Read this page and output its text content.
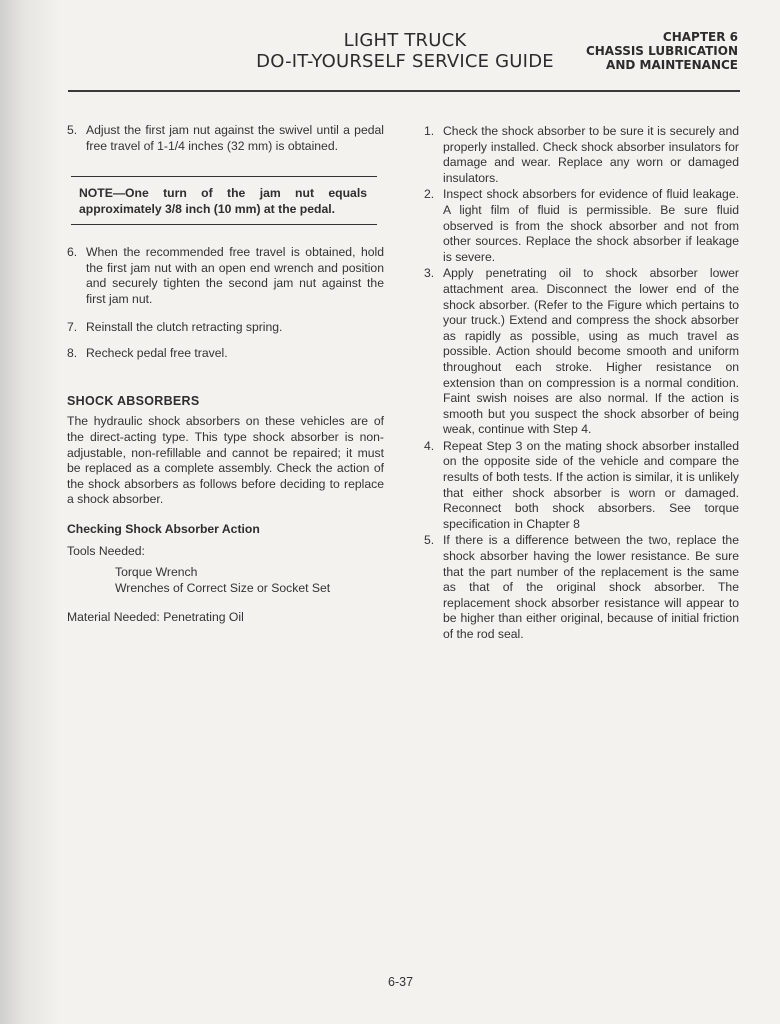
LIGHT TRUCK
DO-IT-YOURSELF SERVICE GUIDE
CHAPTER 6
CHASSIS LUBRICATION
AND MAINTENANCE
5. Adjust the first jam nut against the swivel until a pedal free travel of 1-1/4 inches (32 mm) is obtained.
NOTE—One turn of the jam nut equals approximately 3/8 inch (10 mm) at the pedal.
6. When the recommended free travel is obtained, hold the first jam nut with an open end wrench and position and securely tighten the second jam nut against the first jam nut.
7. Reinstall the clutch retracting spring.
8. Recheck pedal free travel.
SHOCK ABSORBERS
The hydraulic shock absorbers on these vehicles are of the direct-acting type. This type shock absorber is non-adjustable, non-refillable and cannot be repaired; it must be replaced as a complete assembly. Check the action of the shock absorbers as follows before deciding to replace a shock absorber.
Checking Shock Absorber Action
Tools Needed:
Torque Wrench
Wrenches of Correct Size or Socket Set
Material Needed: Penetrating Oil
1. Check the shock absorber to be sure it is securely and properly installed. Check shock absorber insulators for damage and wear. Replace any worn or damaged insulators.
2. Inspect shock absorbers for evidence of fluid leakage. A light film of fluid is permissible. Be sure fluid observed is from the shock absorber and not from other sources. Replace the shock absorber if leakage is severe.
3. Apply penetrating oil to shock absorber lower attachment area. Disconnect the lower end of the shock absorber. (Refer to the Figure which pertains to your truck.) Extend and compress the shock absorber as rapidly as possible, using as much travel as possible. Action should become smooth and uniform throughout each stroke. Higher resistance on extension than on compression is a normal condition. Faint swish noises are also normal. If the action is smooth but you suspect the shock absorber of being weak, continue with Step 4.
4. Repeat Step 3 on the mating shock absorber installed on the opposite side of the vehicle and compare the results of both tests. If the action is similar, it is unlikely that either shock absorber is worn or damaged. Reconnect both shock absorbers. See torque specification in Chapter 8
5. If there is a difference between the two, replace the shock absorber having the lower resistance. Be sure that the part number of the replacement is the same as that of the original shock absorber. The replacement shock absorber resistance will appear to be higher than either original, because of initial friction of the rod seal.
6-37
